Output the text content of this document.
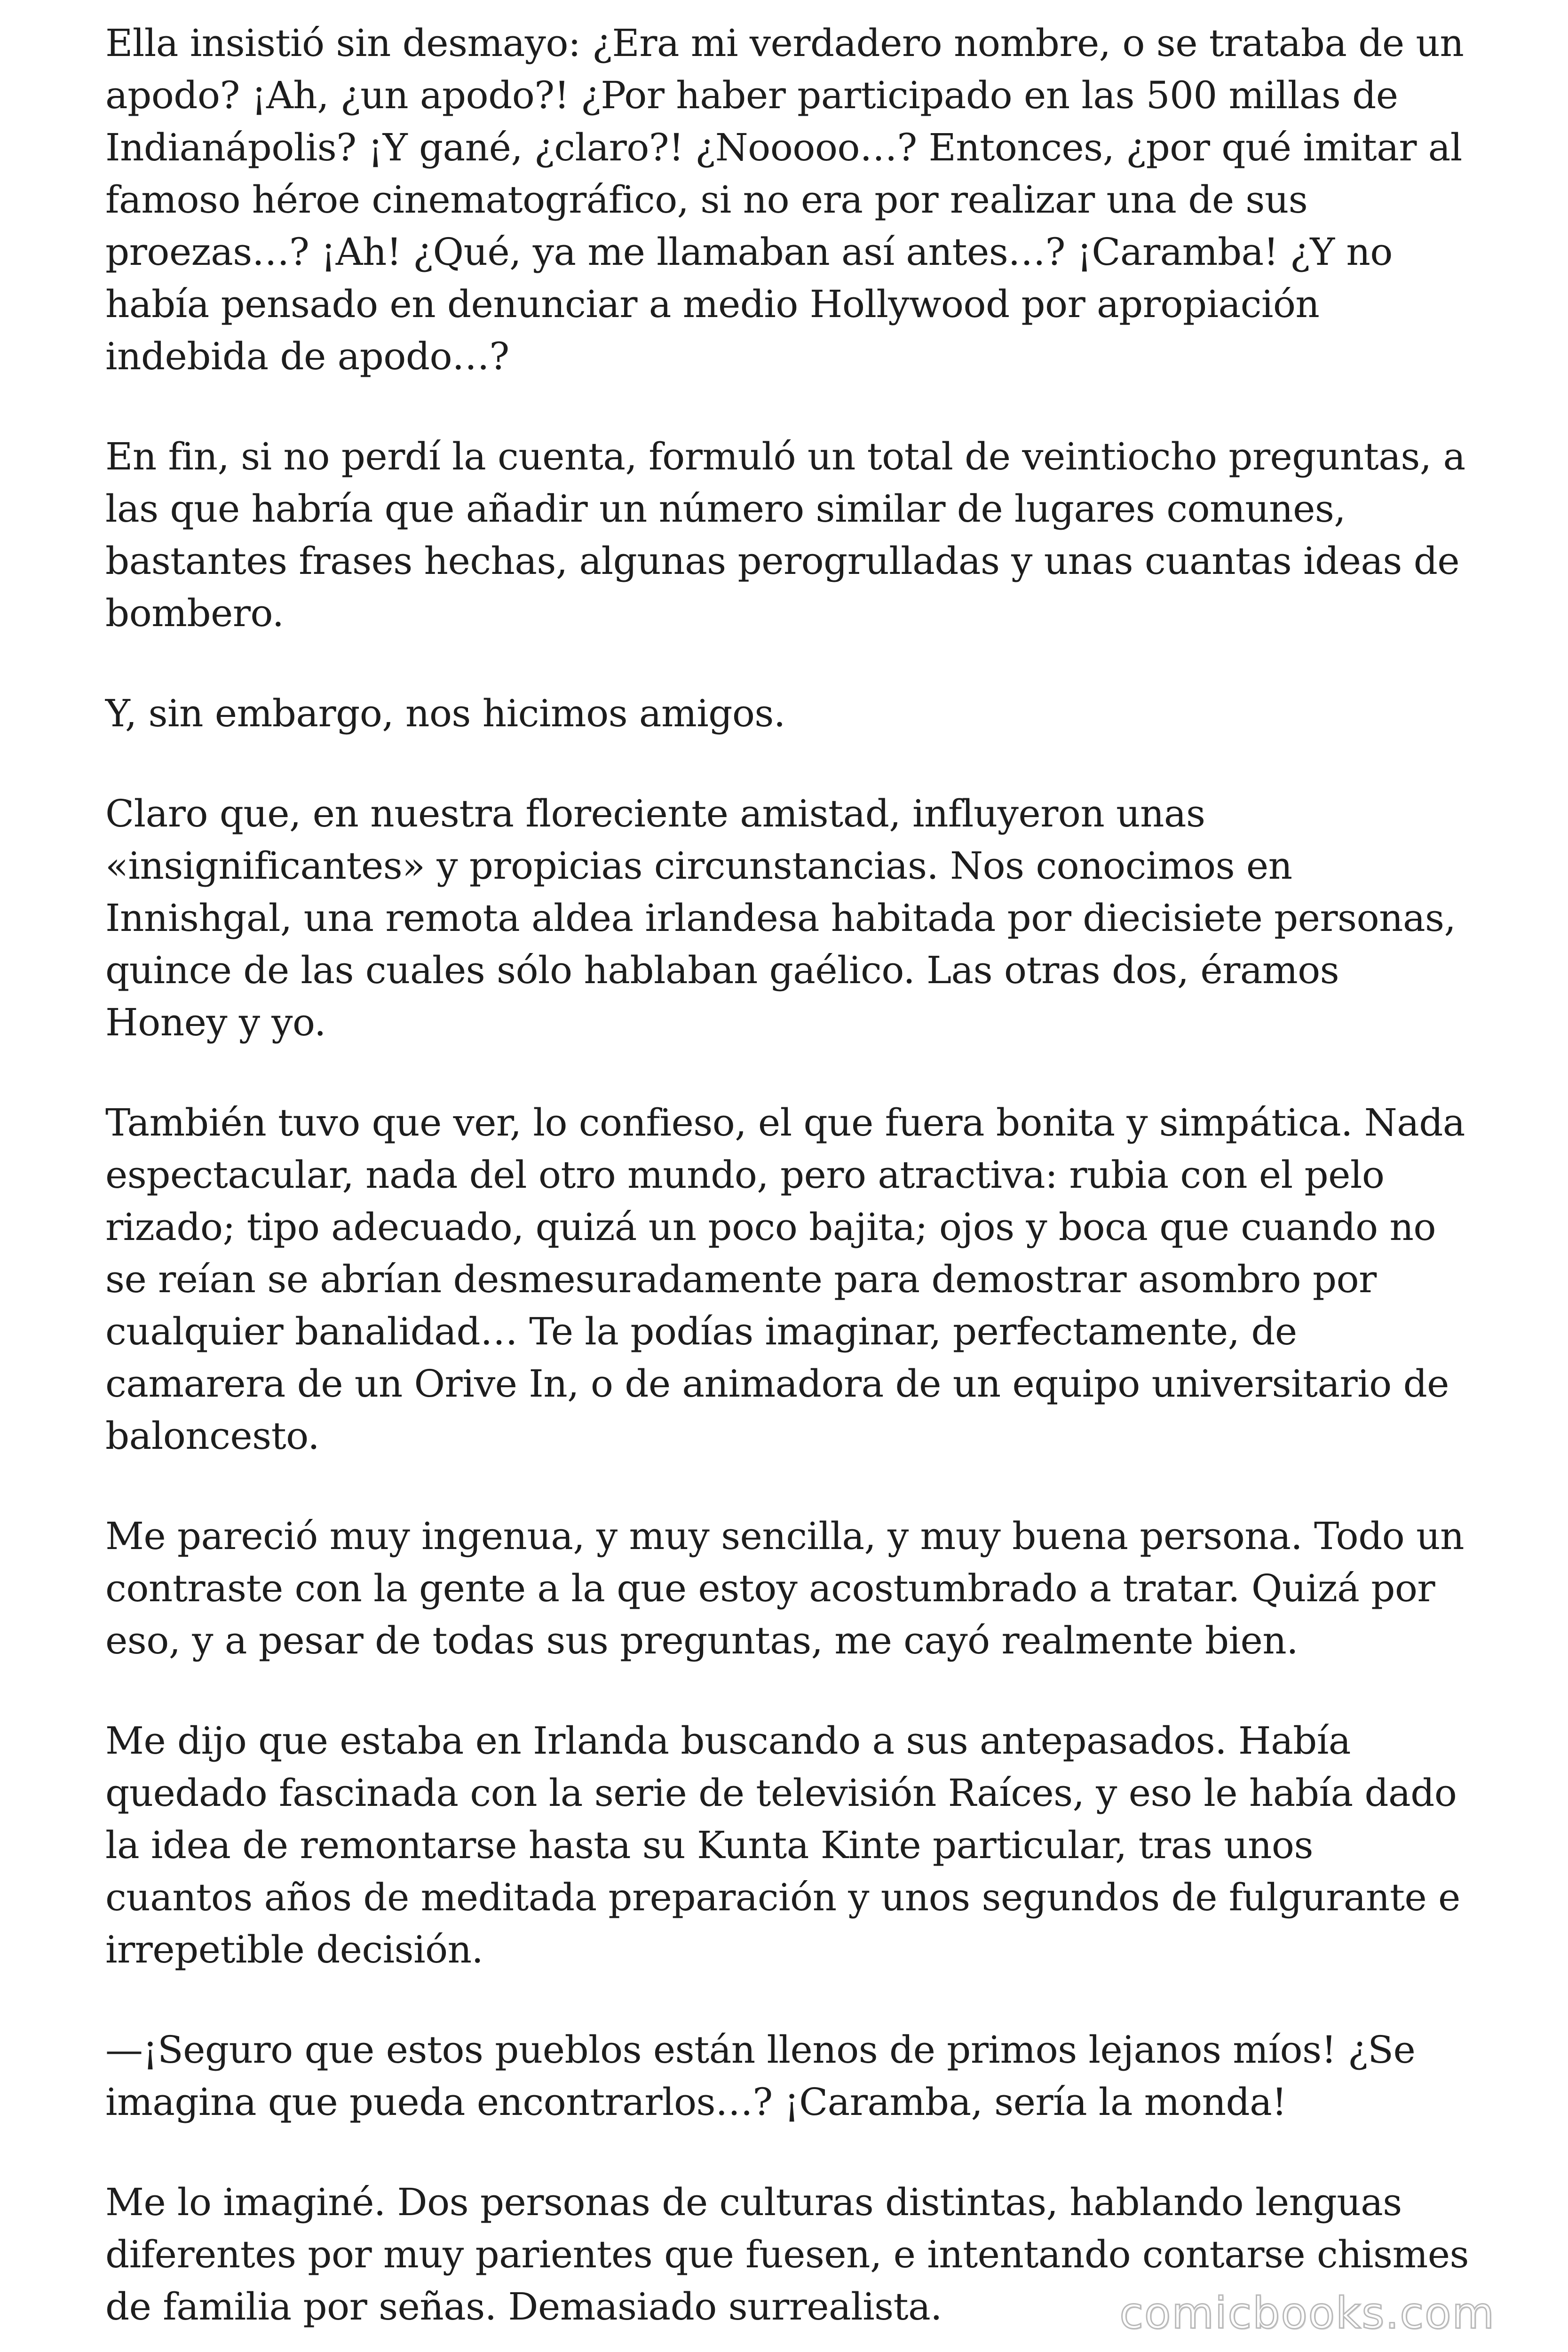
Ella insistió sin desmayo: ¿Era mi verdadero nombre, o se trataba de un apodo? ¡Ah, ¿un apodo?! ¿Por haber participado en las 500 millas de Indianápolis? ¡Y gané, ¿claro?! ¿Nooooo…? Entonces, ¿por qué imitar al famoso héroe cinematográfico, si no era por realizar una de sus proezas…? ¡Ah! ¿Qué, ya me llamaban así antes…? ¡Caramba! ¿Y no había pensado en denunciar a medio Hollywood por apropiación indebida de apodo…?

En fin, si no perdí la cuenta, formuló un total de veintiocho preguntas, a las que habría que añadir un número similar de lugares comunes, bastantes frases hechas, algunas perogrulladas y unas cuantas ideas de bombero.

Y, sin embargo, nos hicimos amigos.

Claro que, en nuestra floreciente amistad, influyeron unas «insignificantes» y propicias circunstancias. Nos conocimos en Innishgal, una remota aldea irlandesa habitada por diecisiete personas, quince de las cuales sólo hablaban gaélico. Las otras dos, éramos Honey y yo.

También tuvo que ver, lo confieso, el que fuera bonita y simpática. Nada espectacular, nada del otro mundo, pero atractiva: rubia con el pelo rizado; tipo adecuado, quizá un poco bajita; ojos y boca que cuando no se reían se abrían desmesuradamente para demostrar asombro por cualquier banalidad… Te la podías imaginar, perfectamente, de camarera de un Orive In, o de animadora de un equipo universitario de baloncesto.

Me pareció muy ingenua, y muy sencilla, y muy buena persona. Todo un contraste con la gente a la que estoy acostumbrado a tratar. Quizá por eso, y a pesar de todas sus preguntas, me cayó realmente bien.

Me dijo que estaba en Irlanda buscando a sus antepasados. Había quedado fascinada con la serie de televisión Raíces, y eso le había dado la idea de remontarse hasta su Kunta Kinte particular, tras unos cuantos años de meditada preparación y unos segundos de fulgurante e irrepetible decisión.

—¡Seguro que estos pueblos están llenos de primos lejanos míos! ¿Se imagina que pueda encontrarlos…? ¡Caramba, sería la monda!

Me lo imaginé. Dos personas de culturas distintas, hablando lenguas diferentes por muy parientes que fuesen, e intentando contarse chismes de familia por señas. Demasiado surrealista.	comicbooks.com
